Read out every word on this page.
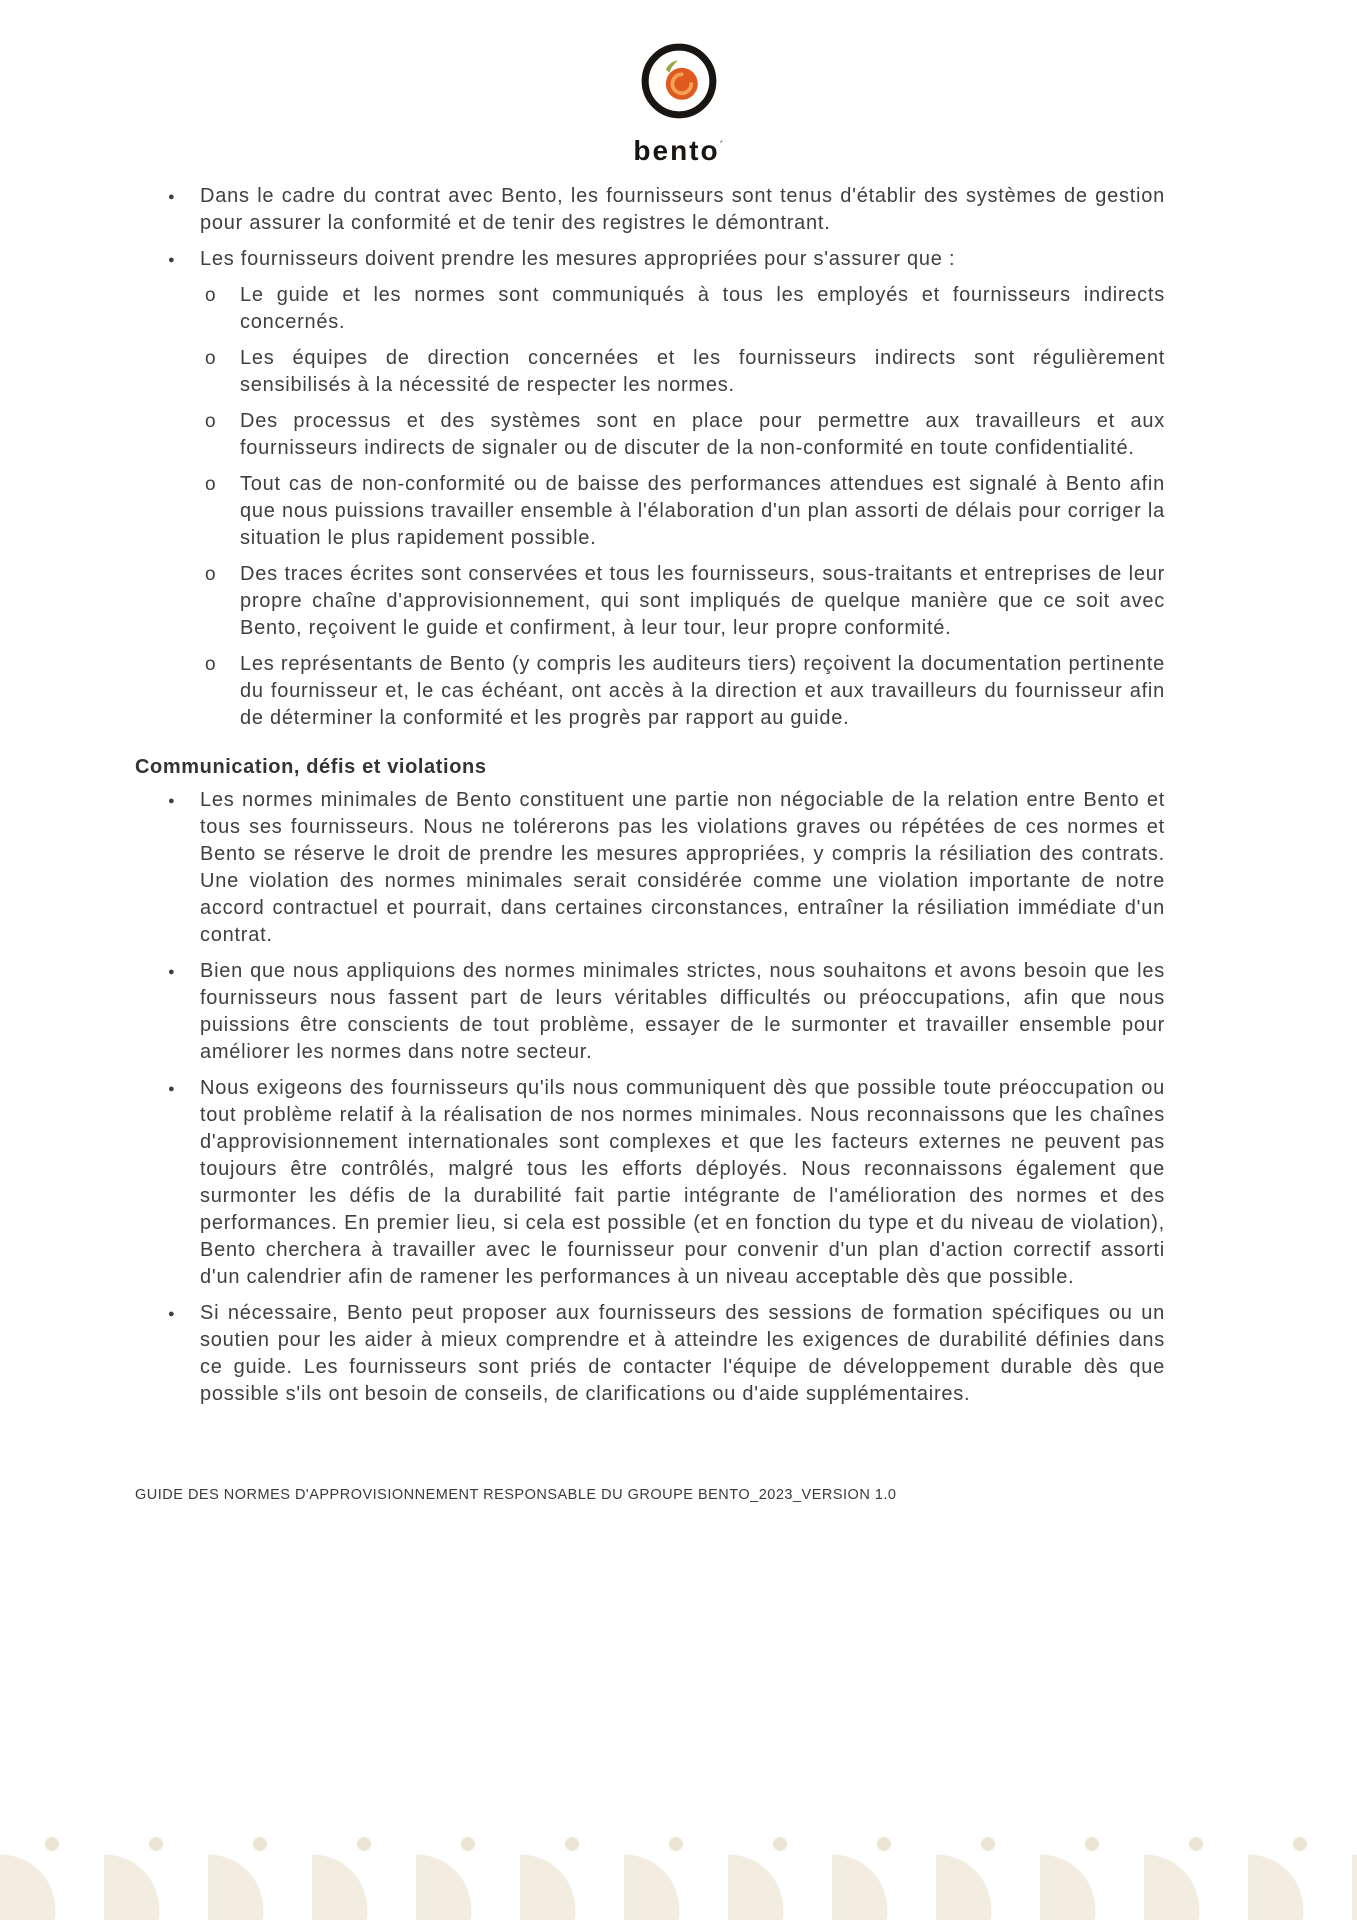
bento´
●
Dans le cadre du contrat avec Bento, les fournisseurs sont tenus d'établir des systèmes de gestion pour assurer la conformité et de tenir des registres le démontrant.
●
Les fournisseurs doivent prendre les mesures appropriées pour s'assurer que :
o
Le guide et les normes sont communiqués à tous les employés et fournisseurs indirects concernés.
o
Les équipes de direction concernées et les fournisseurs indirects sont régulièrement sensibilisés à la nécessité de respecter les normes.
o
Des processus et des systèmes sont en place pour permettre aux travailleurs et aux fournisseurs indirects de signaler ou de discuter de la non-conformité en toute confidentialité.
o
Tout cas de non-conformité ou de baisse des performances attendues est signalé à Bento afin que nous puissions travailler ensemble à l'élaboration d'un plan assorti de délais pour corriger la situation le plus rapidement possible.
o
Des traces écrites sont conservées et tous les fournisseurs, sous-traitants et entreprises de leur propre chaîne d'approvisionnement, qui sont impliqués de quelque manière que ce soit avec Bento, reçoivent le guide et confirment, à leur tour, leur propre conformité.
o
Les représentants de Bento (y compris les auditeurs tiers) reçoivent la documentation pertinente du fournisseur et, le cas échéant, ont accès à la direction et aux travailleurs du fournisseur afin de déterminer la conformité et les progrès par rapport au guide.
Communication, défis et violations
●
Les normes minimales de Bento constituent une partie non négociable de la relation entre Bento et tous ses fournisseurs. Nous ne tolérerons pas les violations graves ou répétées de ces normes et Bento se réserve le droit de prendre les mesures appropriées, y compris la résiliation des contrats. Une violation des normes minimales serait considérée comme une violation importante de notre accord contractuel et pourrait, dans certaines circonstances, entraîner la résiliation immédiate d'un contrat.
●
Bien que nous appliquions des normes minimales strictes, nous souhaitons et avons besoin que les fournisseurs nous fassent part de leurs véritables difficultés ou préoccupations, afin que nous puissions être conscients de tout problème, essayer de le surmonter et travailler ensemble pour améliorer les normes dans notre secteur.
●
Nous exigeons des fournisseurs qu'ils nous communiquent dès que possible toute préoccupation ou tout problème relatif à la réalisation de nos normes minimales. Nous reconnaissons que les chaînes d'approvisionnement internationales sont complexes et que les facteurs externes ne peuvent pas toujours être contrôlés, malgré tous les efforts déployés. Nous reconnaissons également que surmonter les défis de la durabilité fait partie intégrante de l'amélioration des normes et des performances. En premier lieu, si cela est possible (et en fonction du type et du niveau de violation), Bento cherchera à travailler avec le fournisseur pour convenir d'un plan d'action correctif assorti d'un calendrier afin de ramener les performances à un niveau acceptable dès que possible.
●
Si nécessaire, Bento peut proposer aux fournisseurs des sessions de formation spécifiques ou un soutien pour les aider à mieux comprendre et à atteindre les exigences de durabilité définies dans ce guide. Les fournisseurs sont priés de contacter l'équipe de développement durable dès que possible s'ils ont besoin de conseils, de clarifications ou d'aide supplémentaires.
GUIDE DES NORMES D'APPROVISIONNEMENT RESPONSABLE DU GROUPE BENTO_2023_VERSION 1.0
